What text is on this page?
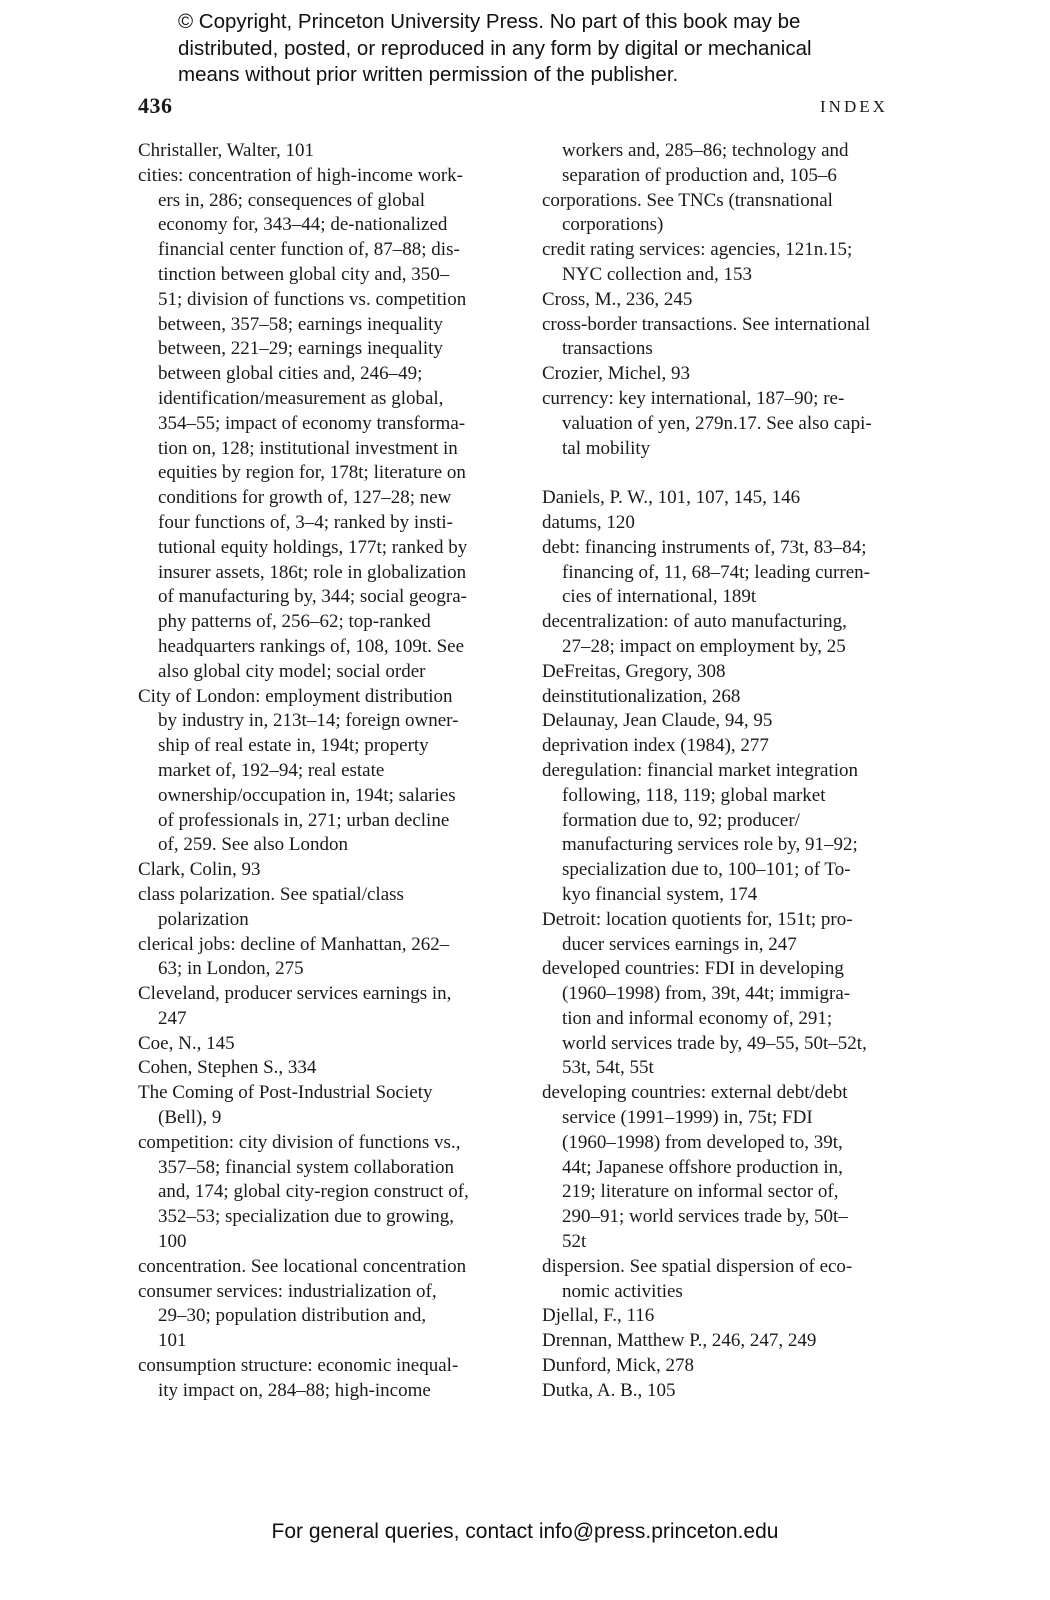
© Copyright, Princeton University Press. No part of this book may be
distributed, posted, or reproduced in any form by digital or mechanical
means without prior written permission of the publisher.
436	INDEX
Christaller, Walter, 101
cities: concentration of high-income work-
ers in, 286; consequences of global
economy for, 343–44; de-nationalized
financial center function of, 87–88; dis-
tinction between global city and, 350–
51; division of functions vs. competition
between, 357–58; earnings inequality
between, 221–29; earnings inequality
between global cities and, 246–49;
identification/measurement as global,
354–55; impact of economy transforma-
tion on, 128; institutional investment in
equities by region for, 178t; literature on
conditions for growth of, 127–28; new
four functions of, 3–4; ranked by insti-
tutional equity holdings, 177t; ranked by
insurer assets, 186t; role in globalization
of manufacturing by, 344; social geogra-
phy patterns of, 256–62; top-ranked
headquarters rankings of, 108, 109t. See
also global city model; social order
City of London: employment distribution
by industry in, 213t–14; foreign owner-
ship of real estate in, 194t; property
market of, 192–94; real estate
ownership/occupation in, 194t; salaries
of professionals in, 271; urban decline
of, 259. See also London
Clark, Colin, 93
class polarization. See spatial/class
polarization
clerical jobs: decline of Manhattan, 262–
63; in London, 275
Cleveland, producer services earnings in,
247
Coe, N., 145
Cohen, Stephen S., 334
The Coming of Post-Industrial Society
(Bell), 9
competition: city division of functions vs.,
357–58; financial system collaboration
and, 174; global city-region construct of,
352–53; specialization due to growing,
100
concentration. See locational concentration
consumer services: industrialization of,
29–30; population distribution and,
101
consumption structure: economic inequal-
ity impact on, 284–88; high-income
workers and, 285–86; technology and
separation of production and, 105–6
corporations. See TNCs (transnational
corporations)
credit rating services: agencies, 121n.15;
NYC collection and, 153
Cross, M., 236, 245
cross-border transactions. See international
transactions
Crozier, Michel, 93
currency: key international, 187–90; re-
valuation of yen, 279n.17. See also capi-
tal mobility
Daniels, P. W., 101, 107, 145, 146
datums, 120
debt: financing instruments of, 73t, 83–84;
financing of, 11, 68–74t; leading curren-
cies of international, 189t
decentralization: of auto manufacturing,
27–28; impact on employment by, 25
DeFreitas, Gregory, 308
deinstitutionalization, 268
Delaunay, Jean Claude, 94, 95
deprivation index (1984), 277
deregulation: financial market integration
following, 118, 119; global market
formation due to, 92; producer/
manufacturing services role by, 91–92;
specialization due to, 100–101; of To-
kyo financial system, 174
Detroit: location quotients for, 151t; pro-
ducer services earnings in, 247
developed countries: FDI in developing
(1960–1998) from, 39t, 44t; immigra-
tion and informal economy of, 291;
world services trade by, 49–55, 50t–52t,
53t, 54t, 55t
developing countries: external debt/debt
service (1991–1999) in, 75t; FDI
(1960–1998) from developed to, 39t,
44t; Japanese offshore production in,
219; literature on informal sector of,
290–91; world services trade by, 50t–
52t
dispersion. See spatial dispersion of eco-
nomic activities
Djellal, F., 116
Drennan, Matthew P., 246, 247, 249
Dunford, Mick, 278
Dutka, A. B., 105
For general queries, contact info@press.princeton.edu
